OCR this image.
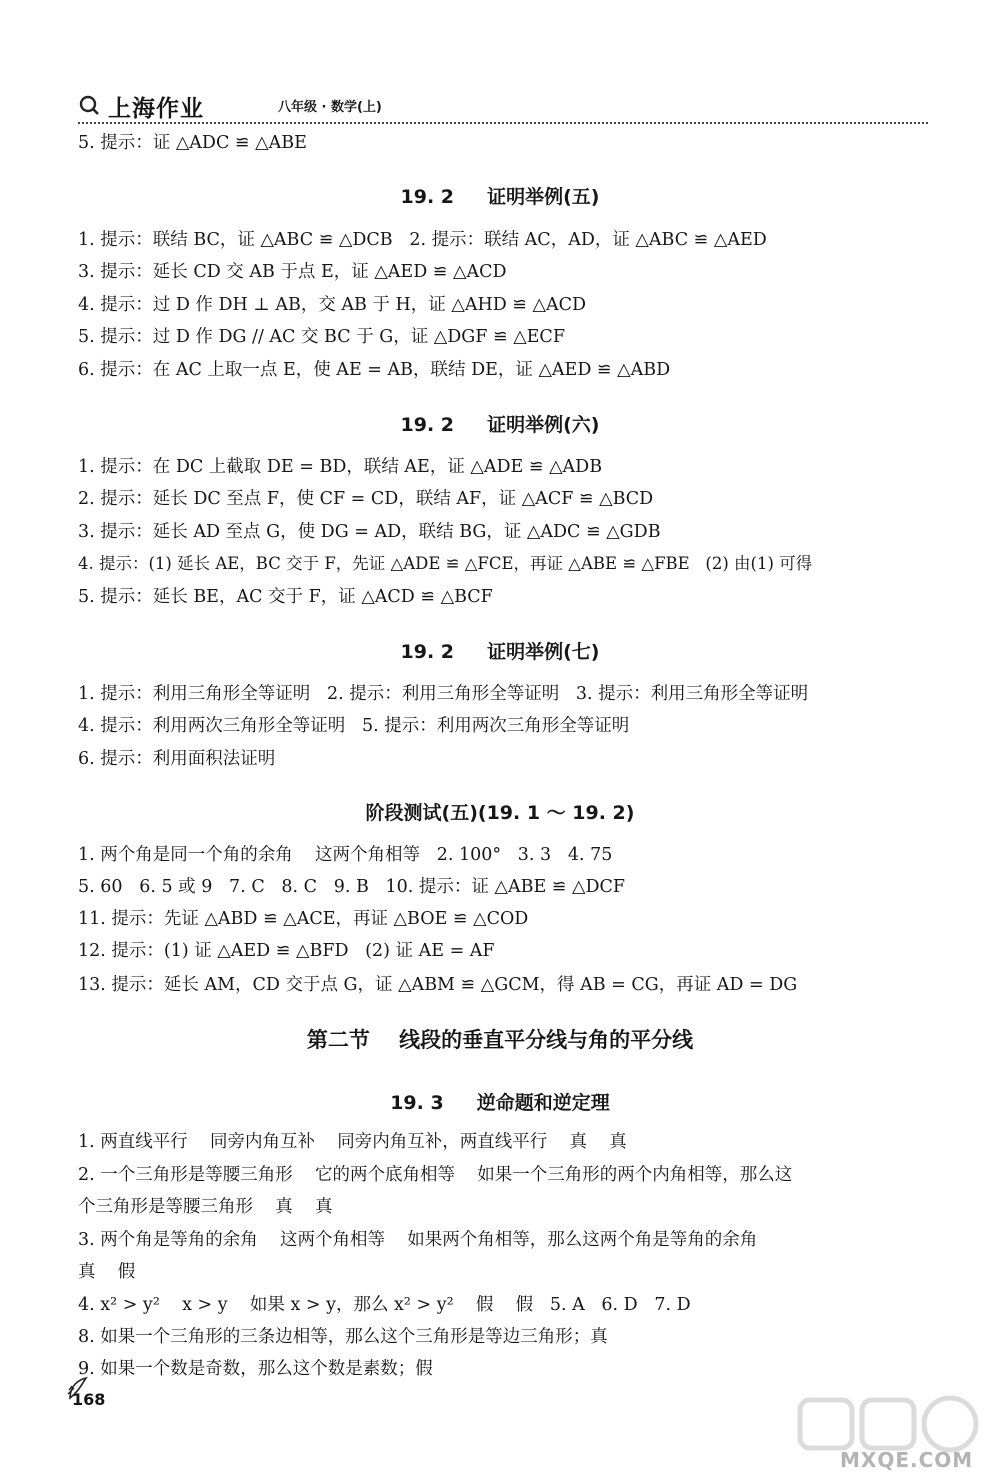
上海作业	八年级 · 数学(上)
5. 提示：证 △ADC ≌ △ABE
19. 2     证明举例(五)
1. 提示：联结 BC，证 △ABC ≌ △DCB   2. 提示：联结 AC，AD，证 △ABC ≌ △AED
3. 提示：延长 CD 交 AB 于点 E，证 △AED ≌ △ACD
4. 提示：过 D 作 DH ⊥ AB，交 AB 于 H，证 △AHD ≌ △ACD
5. 提示：过 D 作 DG // AC 交 BC 于 G，证 △DGF ≌ △ECF
6. 提示：在 AC 上取一点 E，使 AE = AB，联结 DE，证 △AED ≌ △ABD
19. 2     证明举例(六)
1. 提示：在 DC 上截取 DE = BD，联结 AE，证 △ADE ≌ △ADB
2. 提示：延长 DC 至点 F，使 CF = CD，联结 AF，证 △ACF ≌ △BCD
3. 提示：延长 AD 至点 G，使 DG = AD，联结 BG，证 △ADC ≌ △GDB
4. 提示：(1) 延长 AE，BC 交于 F，先证 △ADE ≌ △FCE，再证 △ABE ≌ △FBE   (2) 由(1) 可得
5. 提示：延长 BE，AC 交于 F，证 △ACD ≌ △BCF
19. 2     证明举例(七)
1. 提示：利用三角形全等证明   2. 提示：利用三角形全等证明   3. 提示：利用三角形全等证明
4. 提示：利用两次三角形全等证明   5. 提示：利用两次三角形全等证明
6. 提示：利用面积法证明
阶段测试(五)(19. 1 ～ 19. 2)
1. 两个角是同一个角的余角    这两个角相等   2. 100°   3. 3   4. 75
5. 60   6. 5 或 9   7. C   8. C   9. B   10. 提示：证 △ABE ≌ △DCF
11. 提示：先证 △ABD ≌ △ACE，再证 △BOE ≌ △COD
12. 提示：(1) 证 △AED ≌ △BFD   (2) 证 AE = AF
13. 提示：延长 AM，CD 交于点 G，证 △ABM ≌ △GCM，得 AB = CG，再证 AD = DG
第二节    线段的垂直平分线与角的平分线
19. 3     逆命题和逆定理
1. 两直线平行    同旁内角互补    同旁内角互补，两直线平行    真    真
2. 一个三角形是等腰三角形    它的两个底角相等    如果一个三角形的两个内角相等，那么这
个三角形是等腰三角形    真    真
3. 两个角是等角的余角    这两个角相等    如果两个角相等，那么这两个角是等角的余角
真    假
4. x² > y²    x > y    如果 x > y，那么 x² > y²    假    假   5. A   6. D   7. D
8. 如果一个三角形的三条边相等，那么这个三角形是等边三角形；真
9. 如果一个数是奇数，那么这个数是素数；假
168
MXQE.COM
